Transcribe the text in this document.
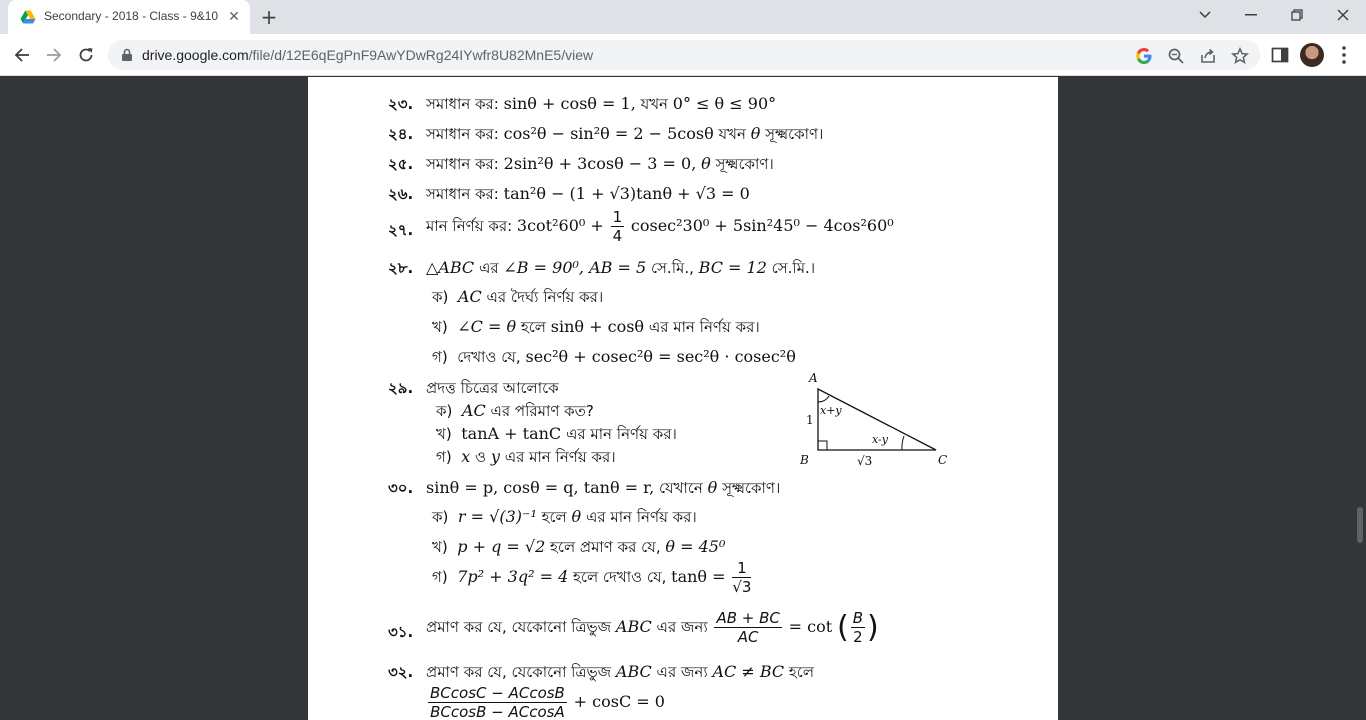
Secondary - 2018 - Class - 9&10 ✕ +
drive.google.com/file/d/12E6qEgPnF9AwYDwRg24IYwfr8U82MnE5/view
২৩. সমাধান কর: sinθ + cosθ = 1, যখন 0° ≤ θ ≤ 90°
২৪. সমাধান কর: cos²θ − sin²θ = 2 − 5cosθ যখন θ সূক্ষ্মকোণ।
২৫. সমাধান কর: 2sin²θ + 3cosθ − 3 = 0, θ সূক্ষ্মকোণ।
২৬. সমাধান কর: tan²θ − (1 + √3)tanθ + √3 = 0
২৭. মান নির্ণয় কর: $3\cot^260^0 + \frac{1}{4} cosec^230^0 + 5\sin^245^0 - 4\cos^260^0$
২৮. △ABC এর ∠B = 90⁰, AB = 5 সে.মি., BC = 12 সে.মি.।
ক) AC এর দৈর্ঘ্য নির্ণয় কর।
খ) ∠C = θ হলে sinθ + cosθ এর মান নির্ণয় কর।
গ) দেখাও যে, sec²θ + cosec²θ = sec²θ · cosec²θ
২৯. প্রদত্ত চিত্রের আলোকে
ক) AC এর পরিমাণ কত?
খ) tanA + tanC এর মান নির্ণয় কর।
গ) x ও y এর মান নির্ণয় কর।
A
B	C
1
√3
x+y
x-y
৩০. sinθ = p, cosθ = q, tanθ = r, যেখানে θ সূক্ষ্মকোণ।
ক) r = √(3)⁻¹ হলে θ এর মান নির্ণয় কর।
খ) p + q = √2 হলে প্রমাণ কর যে, θ = 45⁰
গ) 7p² + 3q² = 4 হলে দেখাও যে, $\tan\theta = \frac{1}{√3}$
৩১. প্রমাণ কর যে, যেকোনো ত্রিভুজ ABC এর জন্য $\frac{AB + BC}{AC} = \cot$ ( $\frac{B}{2}$ )
৩২. প্রমাণ কর যে, যেকোনো ত্রিভুজ ABC এর জন্য AC ≠ BC হলে
$\frac{BCcosC - ACcosB}{BCcosB - ACcosA} + \cos C = 0$
